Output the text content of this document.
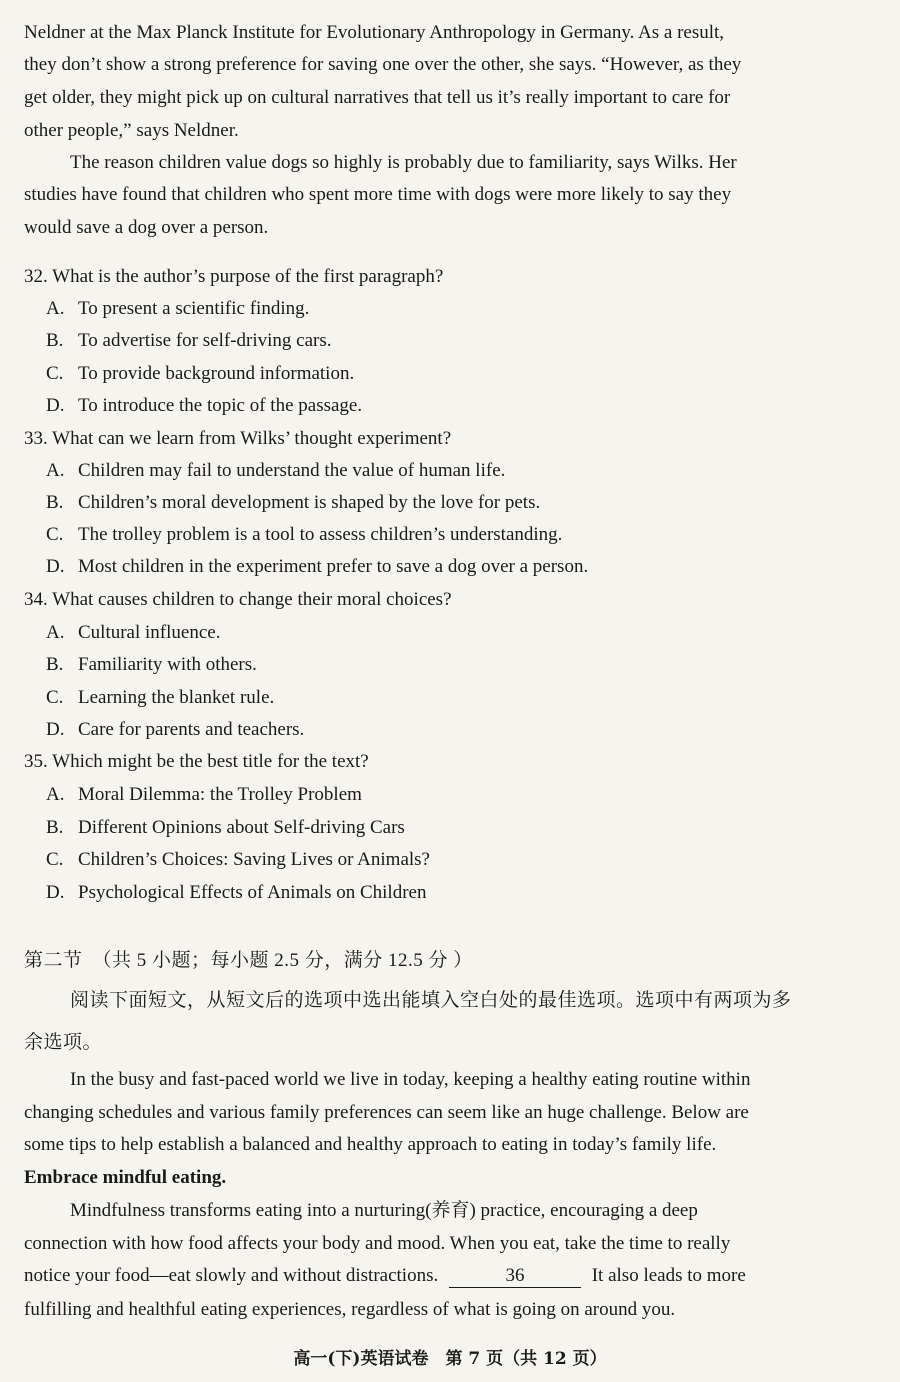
Neldner at the Max Planck Institute for Evolutionary Anthropology in Germany. As a result,
they don’t show a strong preference for saving one over the other, she says. “However, as they
get older, they might pick up on cultural narratives that tell us it’s really important to care for
other people,” says Neldner.
The reason children value dogs so highly is probably due to familiarity, says Wilks. Her
studies have found that children who spent more time with dogs were more likely to say they
would save a dog over a person.
32. What is the author’s purpose of the first paragraph?
A. To present a scientific finding.
B. To advertise for self-driving cars.
C. To provide background information.
D. To introduce the topic of the passage.
33. What can we learn from Wilks’ thought experiment?
A. Children may fail to understand the value of human life.
B. Children’s moral development is shaped by the love for pets.
C. The trolley problem is a tool to assess children’s understanding.
D. Most children in the experiment prefer to save a dog over a person.
34. What causes children to change their moral choices?
A. Cultural influence.
B. Familiarity with others.
C. Learning the blanket rule.
D. Care for parents and teachers.
35. Which might be the best title for the text?
A. Moral Dilemma: the Trolley Problem
B. Different Opinions about Self-driving Cars
C. Children’s Choices: Saving Lives or Animals?
D. Psychological Effects of Animals on Children
第二节　（共 5 小题；每小题 2.5 分，满分 12.5 分 ）
阅读下面短文，从短文后的选项中选出能填入空白处的最佳选项。选项中有两项为多
余选项。
In the busy and fast-paced world we live in today, keeping a healthy eating routine within
changing schedules and various family preferences can seem like an huge challenge. Below are
some tips to help establish a balanced and healthy approach to eating in today’s family life.
Embrace mindful eating.
Mindfulness transforms eating into a nurturing(养育) practice, encouraging a deep
connection with how food affects your body and mood. When you eat, take the time to really
notice your food—eat slowly and without distractions.	36	It also leads to more
fulfilling and healthful eating experiences, regardless of what is going on around you.
高一(下)英语试卷　第 7 页（共 12 页）
